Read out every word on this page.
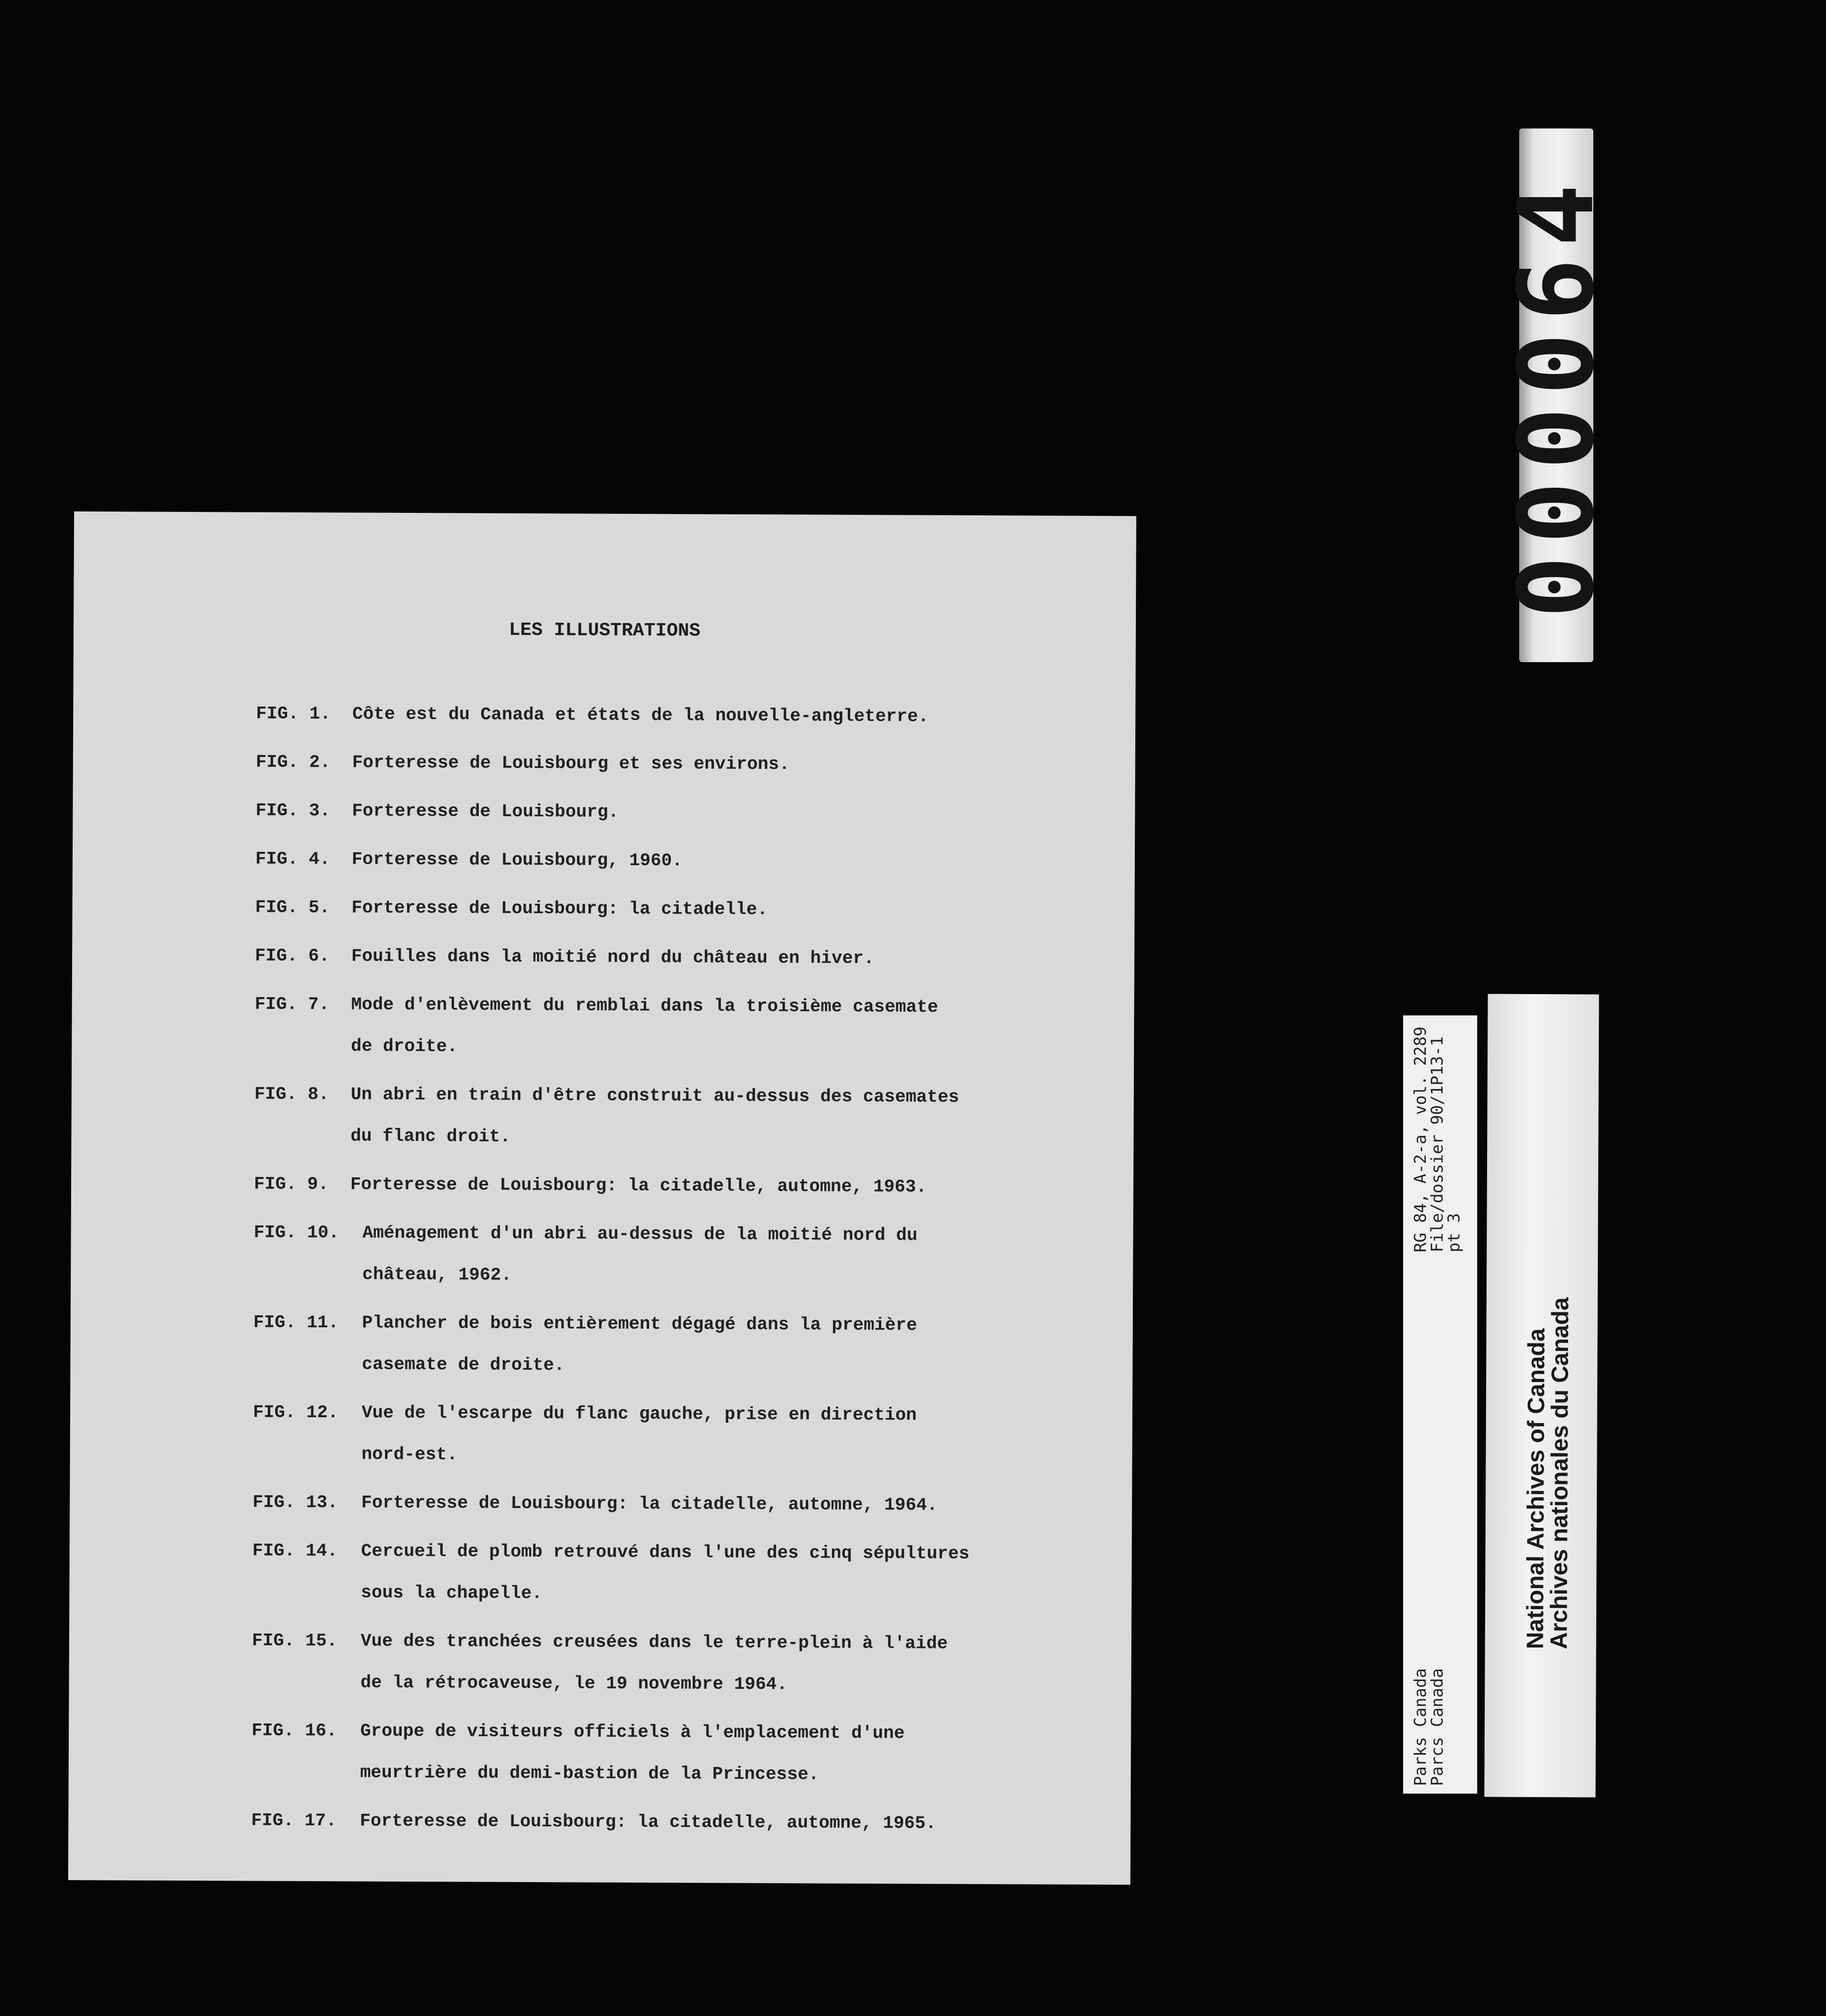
LES ILLUSTRATIONS
FIG. 1.	Côte est du Canada et états de la nouvelle-angleterre.
FIG. 2.	Forteresse de Louisbourg et ses environs.
FIG. 3.	Forteresse de Louisbourg.
FIG. 4.	Forteresse de Louisbourg, 1960.
FIG. 5.	Forteresse de Louisbourg: la citadelle.
FIG. 6.	Fouilles dans la moitié nord du château en hiver.
FIG. 7.	Mode d'enlèvement du remblai dans la troisième casemate
de droite.
FIG. 8.	Un abri en train d'être construit au-dessus des casemates
du flanc droit.
FIG. 9.	Forteresse de Louisbourg: la citadelle, automne, 1963.
FIG. 10.	Aménagement d'un abri au-dessus de la moitié nord du
château, 1962.
FIG. 11.	Plancher de bois entièrement dégagé dans la première
casemate de droite.
FIG. 12.	Vue de l'escarpe du flanc gauche, prise en direction
nord-est.
FIG. 13.	Forteresse de Louisbourg: la citadelle, automne, 1964.
FIG. 14.	Cercueil de plomb retrouvé dans l'une des cinq sépultures
sous la chapelle.
FIG. 15.	Vue des tranchées creusées dans le terre-plein à l'aide
de la rétrocaveuse, le 19 novembre 1964.
FIG. 16.	Groupe de visiteurs officiels à l'emplacement d'une
meurtrière du demi-bastion de la Princesse.
FIG. 17.	Forteresse de Louisbourg: la citadelle, automne, 1965.
000064
Parks Canada
Parcs Canada
RG 84, A-2-a, vol. 2289
File/dossier 90/1P13-1
pt 3
National Archives of Canada
Archives nationales du Canada
